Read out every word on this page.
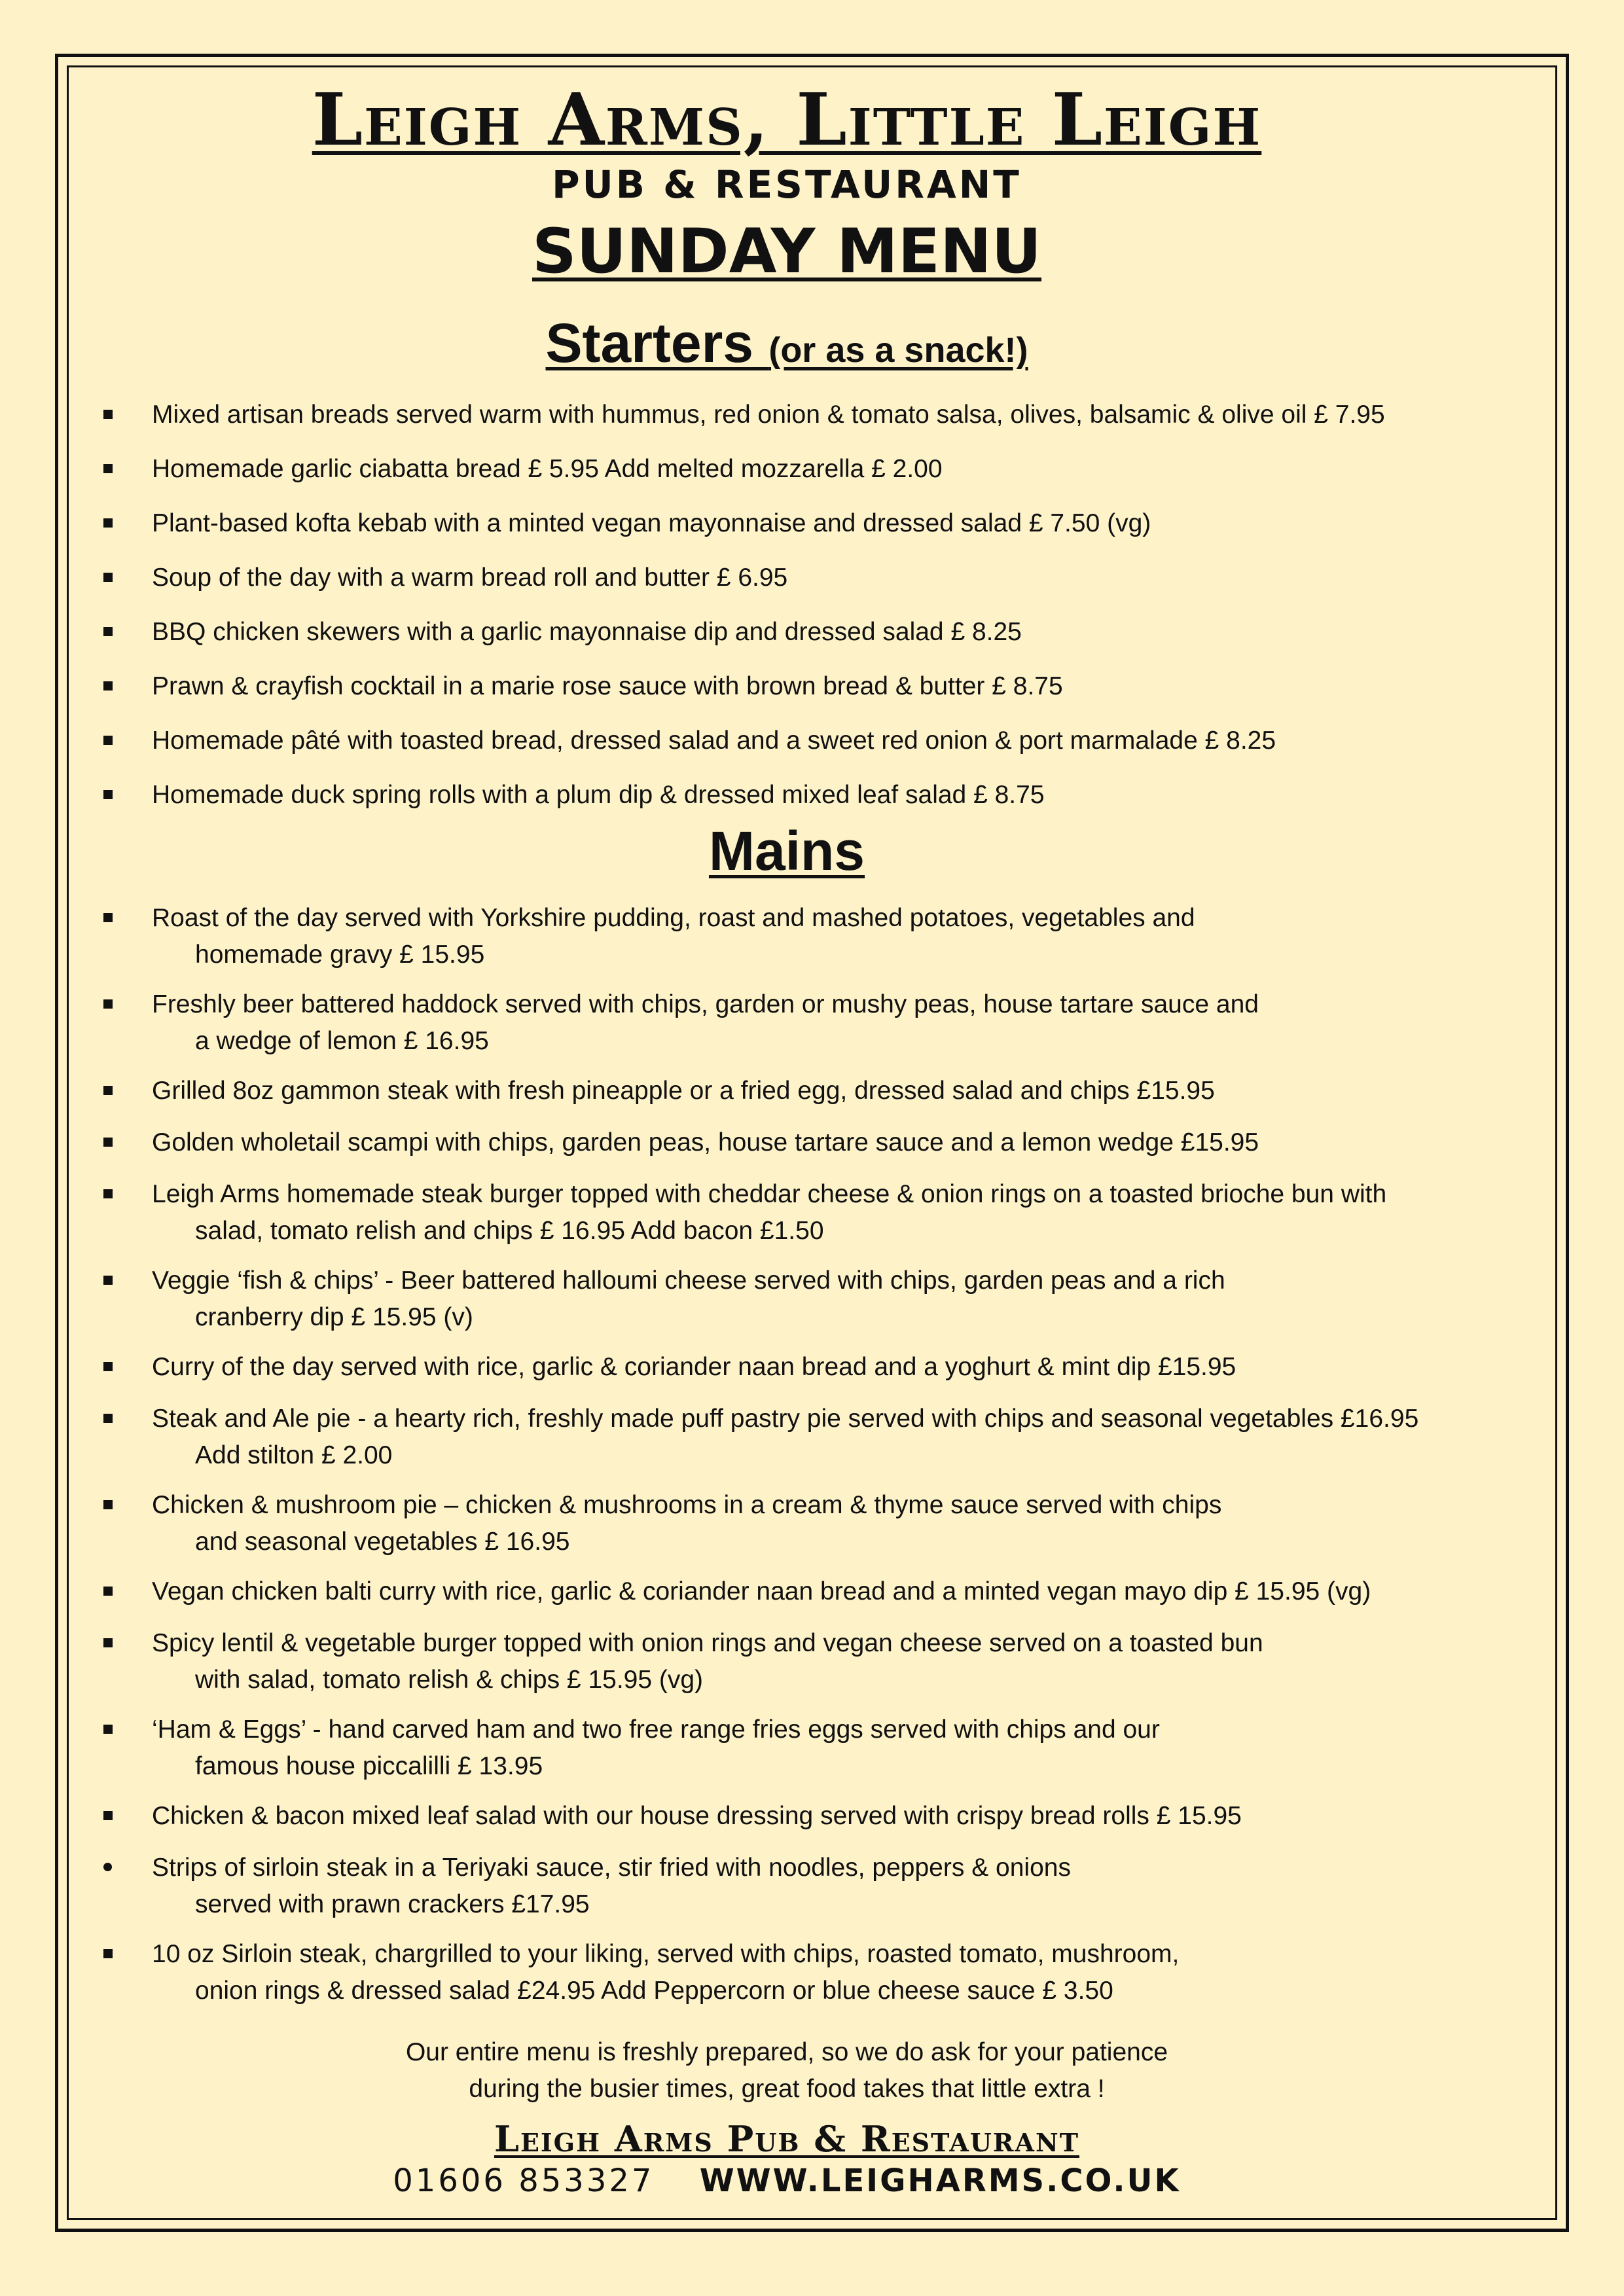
Leigh Arms, Little Leigh
PUB & RESTAURANT
SUNDAY MENU
Starters (or as a snack!)
Mixed artisan breads served warm with hummus, red onion & tomato salsa, olives, balsamic & olive oil £ 7.95
Homemade garlic ciabatta bread £ 5.95 Add melted mozzarella £ 2.00
Plant-based kofta kebab with a minted vegan mayonnaise and dressed salad £ 7.50 (vg)
Soup of the day with a warm bread roll and butter £ 6.95
BBQ chicken skewers with a garlic mayonnaise dip and dressed salad £ 8.25
Prawn & crayfish cocktail in a marie rose sauce with brown bread & butter £ 8.75
Homemade pâté with toasted bread, dressed salad and a sweet red onion & port marmalade £ 8.25
Homemade duck spring rolls with a plum dip & dressed mixed leaf salad £ 8.75
Mains
Roast of the day served with Yorkshire pudding, roast and mashed potatoes, vegetables and
homemade gravy £ 15.95
Freshly beer battered haddock served with chips, garden or mushy peas, house tartare sauce and
a wedge of lemon £ 16.95
Grilled 8oz gammon steak with fresh pineapple or a fried egg, dressed salad and chips £15.95
Golden wholetail scampi with chips, garden peas, house tartare sauce and a lemon wedge £15.95
Leigh Arms homemade steak burger topped with cheddar cheese & onion rings on a toasted brioche bun with
salad, tomato relish and chips £ 16.95 Add bacon £1.50
Veggie ‘fish & chips’ - Beer battered halloumi cheese served with chips, garden peas and a rich
cranberry dip £ 15.95 (v)
Curry of the day served with rice, garlic & coriander naan bread and a yoghurt & mint dip £15.95
Steak and Ale pie - a hearty rich, freshly made puff pastry pie served with chips and seasonal vegetables £16.95
Add stilton £ 2.00
Chicken & mushroom pie – chicken & mushrooms in a cream & thyme sauce served with chips
and seasonal vegetables £ 16.95
Vegan chicken balti curry with rice, garlic & coriander naan bread and a minted vegan mayo dip £ 15.95 (vg)
Spicy lentil & vegetable burger topped with onion rings and vegan cheese served on a toasted bun
with salad, tomato relish & chips £ 15.95 (vg)
‘Ham & Eggs’ - hand carved ham and two free range fries eggs served with chips and our
famous house piccalilli £ 13.95
Chicken & bacon mixed leaf salad with our house dressing served with crispy bread rolls £ 15.95
Strips of sirloin steak in a Teriyaki sauce, stir fried with noodles, peppers & onions
served with prawn crackers £17.95
10 oz Sirloin steak, chargrilled to your liking, served with chips, roasted tomato, mushroom,
onion rings & dressed salad £24.95 Add Peppercorn or blue cheese sauce £ 3.50
Our entire menu is freshly prepared, so we do ask for your patience
during the busier times, great food takes that little extra !
Leigh Arms Pub & Restaurant
01606 853327 WWW.LEIGHARMS.CO.UK
